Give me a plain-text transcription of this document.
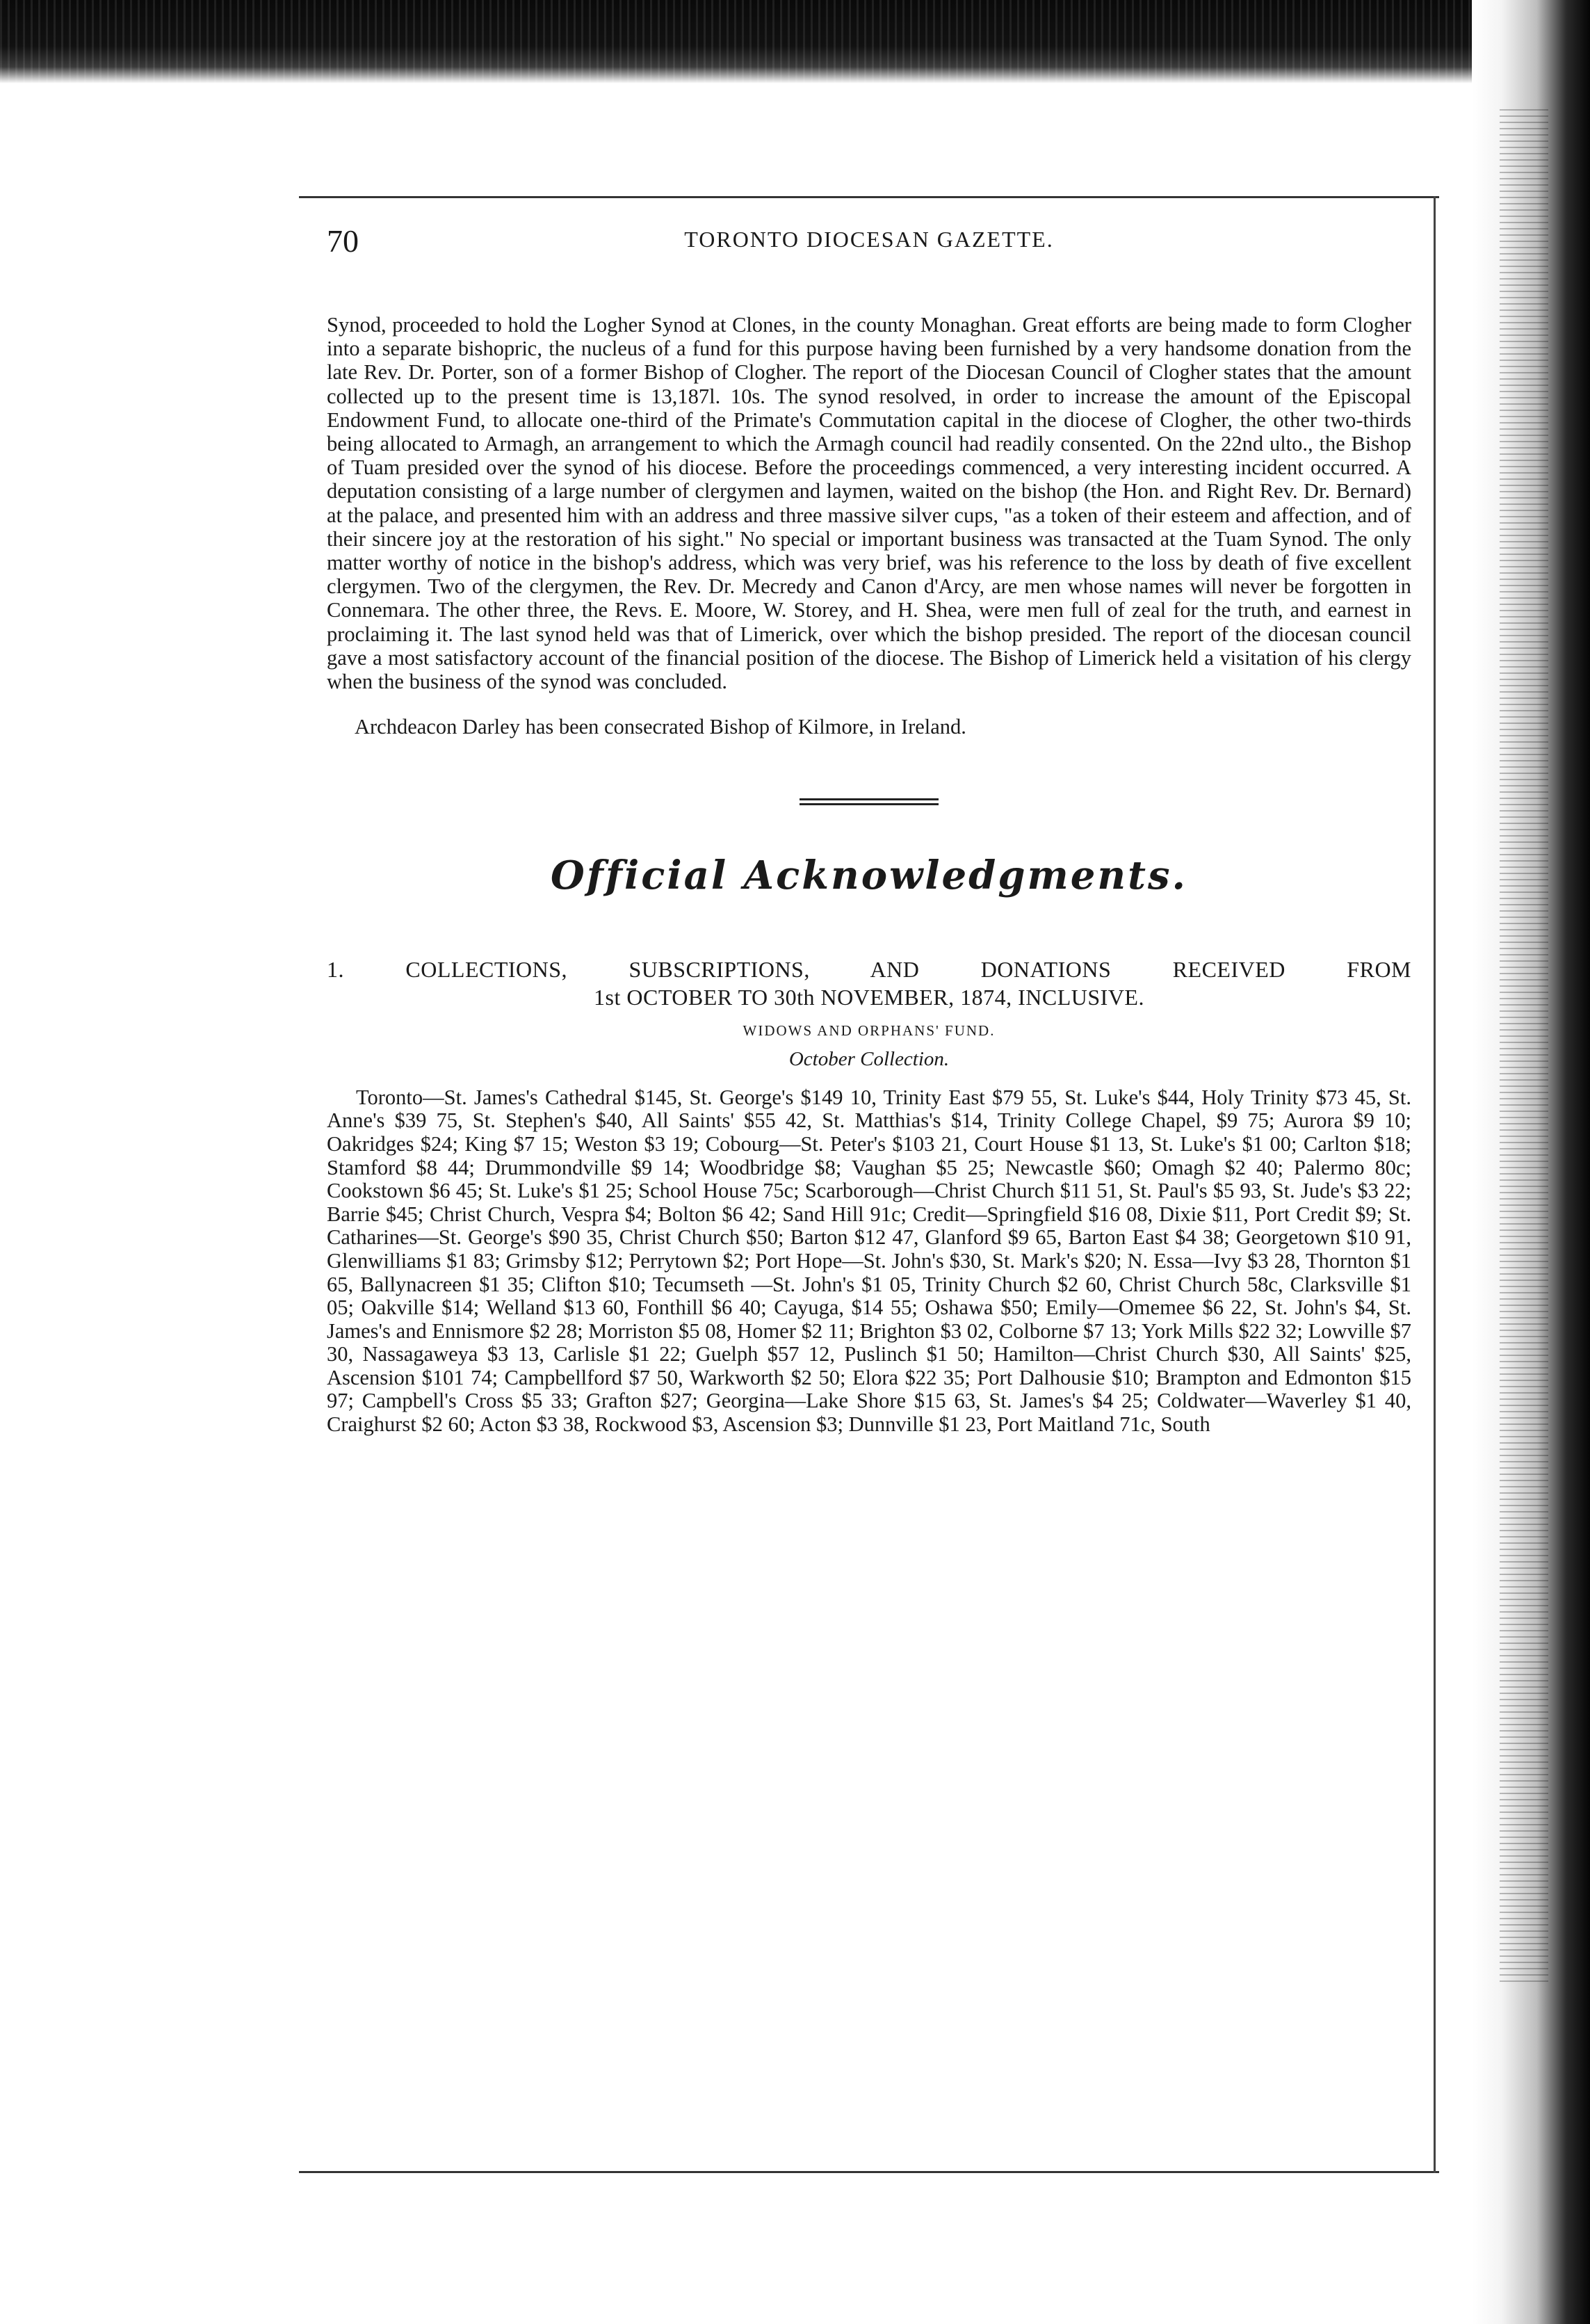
70	TORONTO DIOCESAN GAZETTE.

Synod, proceeded to hold the Logher Synod at Clones, in the county Monaghan. Great efforts are being made to form Clogher into a separate bishopric, the nucleus of a fund for this purpose having been furnished by a very handsome donation from the late Rev. Dr. Porter, son of a former Bishop of Clogher. The report of the Diocesan Council of Clogher states that the amount collected up to the present time is 13,187l. 10s. The synod resolved, in order to increase the amount of the Episcopal Endowment Fund, to allocate one-third of the Primate's Commutation capital in the diocese of Clogher, the other two-thirds being allocated to Armagh, an arrangement to which the Armagh council had readily consented. On the 22nd ulto., the Bishop of Tuam presided over the synod of his diocese. Before the proceedings commenced, a very interesting incident occurred. A deputation consisting of a large number of clergymen and laymen, waited on the bishop (the Hon. and Right Rev. Dr. Bernard) at the palace, and presented him with an address and three massive silver cups, "as a token of their esteem and affection, and of their sincere joy at the restoration of his sight." No special or important business was transacted at the Tuam Synod. The only matter worthy of notice in the bishop's address, which was very brief, was his reference to the loss by death of five excellent clergymen. Two of the clergymen, the Rev. Dr. Mecredy and Canon d'Arcy, are men whose names will never be forgotten in Connemara. The other three, the Revs. E. Moore, W. Storey, and H. Shea, were men full of zeal for the truth, and earnest in proclaiming it. The last synod held was that of Limerick, over which the bishop presided. The report of the diocesan council gave a most satisfactory account of the financial position of the diocese. The Bishop of Limerick held a visitation of his clergy when the business of the synod was concluded.

Archdeacon Darley has been consecrated Bishop of Kilmore, in Ireland.

Official Acknowledgments.
1. COLLECTIONS, SUBSCRIPTIONS, AND DONATIONS RECEIVED FROM
1st OCTOBER TO 30th NOVEMBER, 1874, INCLUSIVE.
WIDOWS AND ORPHANS' FUND.
October Collection.

Toronto—St. James's Cathedral $145, St. George's $149 10, Trinity East $79 55, St. Luke's $44, Holy Trinity $73 45, St. Anne's $39 75, St. Stephen's $40, All Saints' $55 42, St. Matthias's $14, Trinity College Chapel, $9 75; Aurora $9 10; Oakridges $24; King $7 15; Weston $3 19; Cobourg—St. Peter's $103 21, Court House $1 13, St. Luke's $1 00; Carlton $18; Stamford $8 44; Drummondville $9 14; Woodbridge $8; Vaughan $5 25; Newcastle $60; Omagh $2 40; Palermo 80c; Cookstown $6 45; St. Luke's $1 25; School House 75c; Scarborough—Christ Church $11 51, St. Paul's $5 93, St. Jude's $3 22; Barrie $45; Christ Church, Vespra $4; Bolton $6 42; Sand Hill 91c; Credit—Springfield $16 08, Dixie $11, Port Credit $9; St. Catharines—St. George's $90 35, Christ Church $50; Barton $12 47, Glanford $9 65, Barton East $4 38; Georgetown $10 91, Glenwilliams $1 83; Grimsby $12; Perrytown $2; Port Hope—St. John's $30, St. Mark's $20; N. Essa—Ivy $3 28, Thornton $1 65, Ballynacreen $1 35; Clifton $10; Tecumseth —St. John's $1 05, Trinity Church $2 60, Christ Church 58c, Clarksville $1 05; Oakville $14; Welland $13 60, Fonthill $6 40; Cayuga, $14 55; Oshawa $50; Emily—Omemee $6 22, St. John's $4, St. James's and Ennismore $2 28; Morriston $5 08, Homer $2 11; Brighton $3 02, Colborne $7 13; York Mills $22 32; Lowville $7 30, Nassagaweya $3 13, Carlisle $1 22; Guelph $57 12, Puslinch $1 50; Hamilton—Christ Church $30, All Saints' $25, Ascension $101 74; Campbellford $7 50, Warkworth $2 50; Elora $22 35; Port Dalhousie $10; Brampton and Edmonton $15 97; Campbell's Cross $5 33; Grafton $27; Georgina—Lake Shore $15 63, St. James's $4 25; Coldwater—Waverley $1 40, Craighurst $2 60; Acton $3 38, Rockwood $3, Ascension $3; Dunnville $1 23, Port Maitland 71c, South
